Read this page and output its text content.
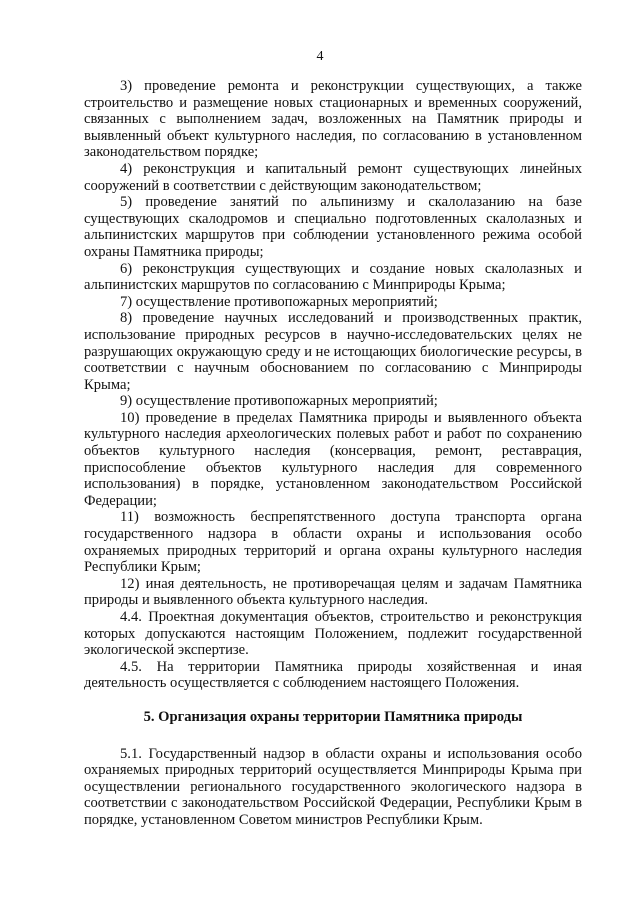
4

3) проведение ремонта и реконструкции существующих, а также строительство и размещение новых стационарных и временных сооружений, связанных с выполнением задач, возложенных на Памятник природы и выявленный объект культурного наследия, по согласованию в установленном законодательством порядке;

4) реконструкция и капитальный ремонт существующих линейных сооружений в соответствии с действующим законодательством;

5) проведение занятий по альпинизму и скалолазанию на базе существующих скалодромов и специально подготовленных скалолазных и альпинистских маршрутов при соблюдении установленного режима особой охраны Памятника природы;

6) реконструкция существующих и создание новых скалолазных и альпинистских маршрутов по согласованию с Минприроды Крыма;

7) осуществление противопожарных мероприятий;

8) проведение научных исследований и производственных практик, использование природных ресурсов в научно-исследовательских целях не разрушающих окружающую среду и не истощающих биологические ресурсы, в соответствии с научным обоснованием по согласованию с Минприроды Крыма;

9) осуществление противопожарных мероприятий;

10) проведение в пределах Памятника природы и выявленного объекта культурного наследия археологических полевых работ и работ по сохранению объектов культурного наследия (консервация, ремонт, реставрация, приспособление объектов культурного наследия для современного использования) в порядке, установленном законодательством Российской Федерации;

11) возможность беспрепятственного доступа транспорта органа государственного надзора в области охраны и использования особо охраняемых природных территорий и органа охраны культурного наследия Республики Крым;

12) иная деятельность, не противоречащая целям и задачам Памятника природы и выявленного объекта культурного наследия.

4.4. Проектная документация объектов, строительство и реконструкция которых допускаются настоящим Положением, подлежит государственной экологической экспертизе.

4.5. На территории Памятника природы хозяйственная и иная деятельность осуществляется с соблюдением настоящего Положения.

5. Организация охраны территории Памятника природы

5.1. Государственный надзор в области охраны и использования особо охраняемых природных территорий осуществляется Минприроды Крыма при осуществлении регионального государственного экологического надзора в соответствии с законодательством Российской Федерации, Республики Крым в порядке, установленном Советом министров Республики Крым.
